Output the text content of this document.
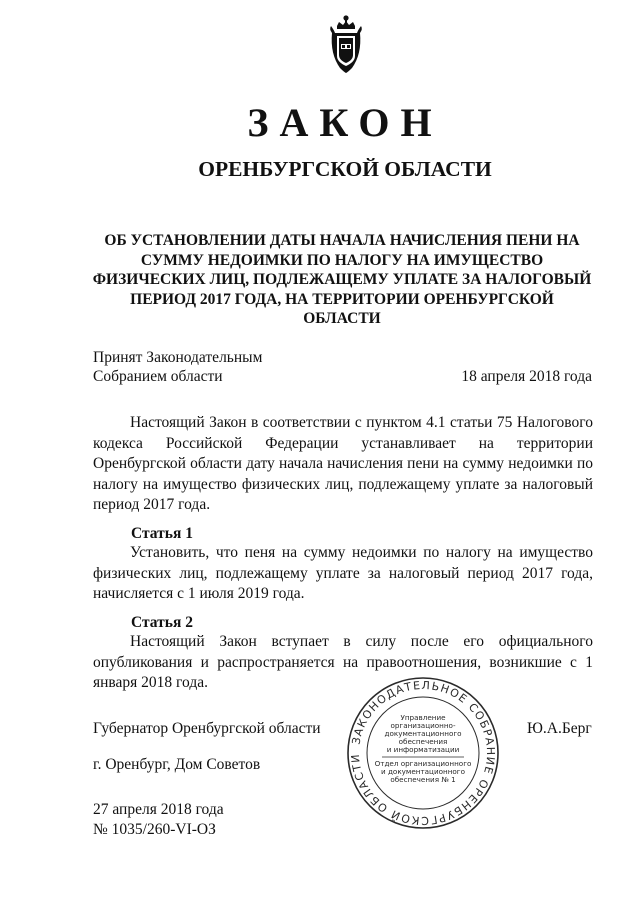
ЗАКОН
ОРЕНБУРГСКОЙ ОБЛАСТИ
ОБ УСТАНОВЛЕНИИ ДАТЫ НАЧАЛА НАЧИСЛЕНИЯ ПЕНИ НА
СУММУ НЕДОИМКИ ПО НАЛОГУ НА ИМУЩЕСТВО
ФИЗИЧЕСКИХ ЛИЦ, ПОДЛЕЖАЩЕМУ УПЛАТЕ ЗА НАЛОГОВЫЙ
ПЕРИОД 2017 ГОДА, НА ТЕРРИТОРИИ ОРЕНБУРГСКОЙ ОБЛАСТИ
Принят Законодательным
Собранием области	18 апреля 2018 года
Настоящий Закон в соответствии с пунктом 4.1 статьи 75 Налогового кодекса Российской Федерации устанавливает на территории Оренбургской области дату начала начисления пени на сумму недоимки по налогу на имущество физических лиц, подлежащему уплате за налоговый период 2017 года.
Статья 1
Установить, что пеня на сумму недоимки по налогу на имущество физических лиц, подлежащему уплате за налоговый период 2017 года, начисляется с 1 июля 2019 года.
Статья 2
Настоящий Закон вступает в силу после его официального опубликования и распространяется на правоотношения, возникшие с 1 января 2018 года.
Губернатор Оренбургской области	Ю.А.Берг
г. Оренбург, Дом Советов
27 апреля 2018 года
№ 1035/260-VI-ОЗ
ЗАКОНОДАТЕЛЬНОЕ СОБРАНИЕ ОРЕНБУРГСКОЙ ОБЛАСТИ
Управление
организационно-
документационного
обеспечения
и информатизации
Отдел организационного
и документационного
обеспечения № 1
